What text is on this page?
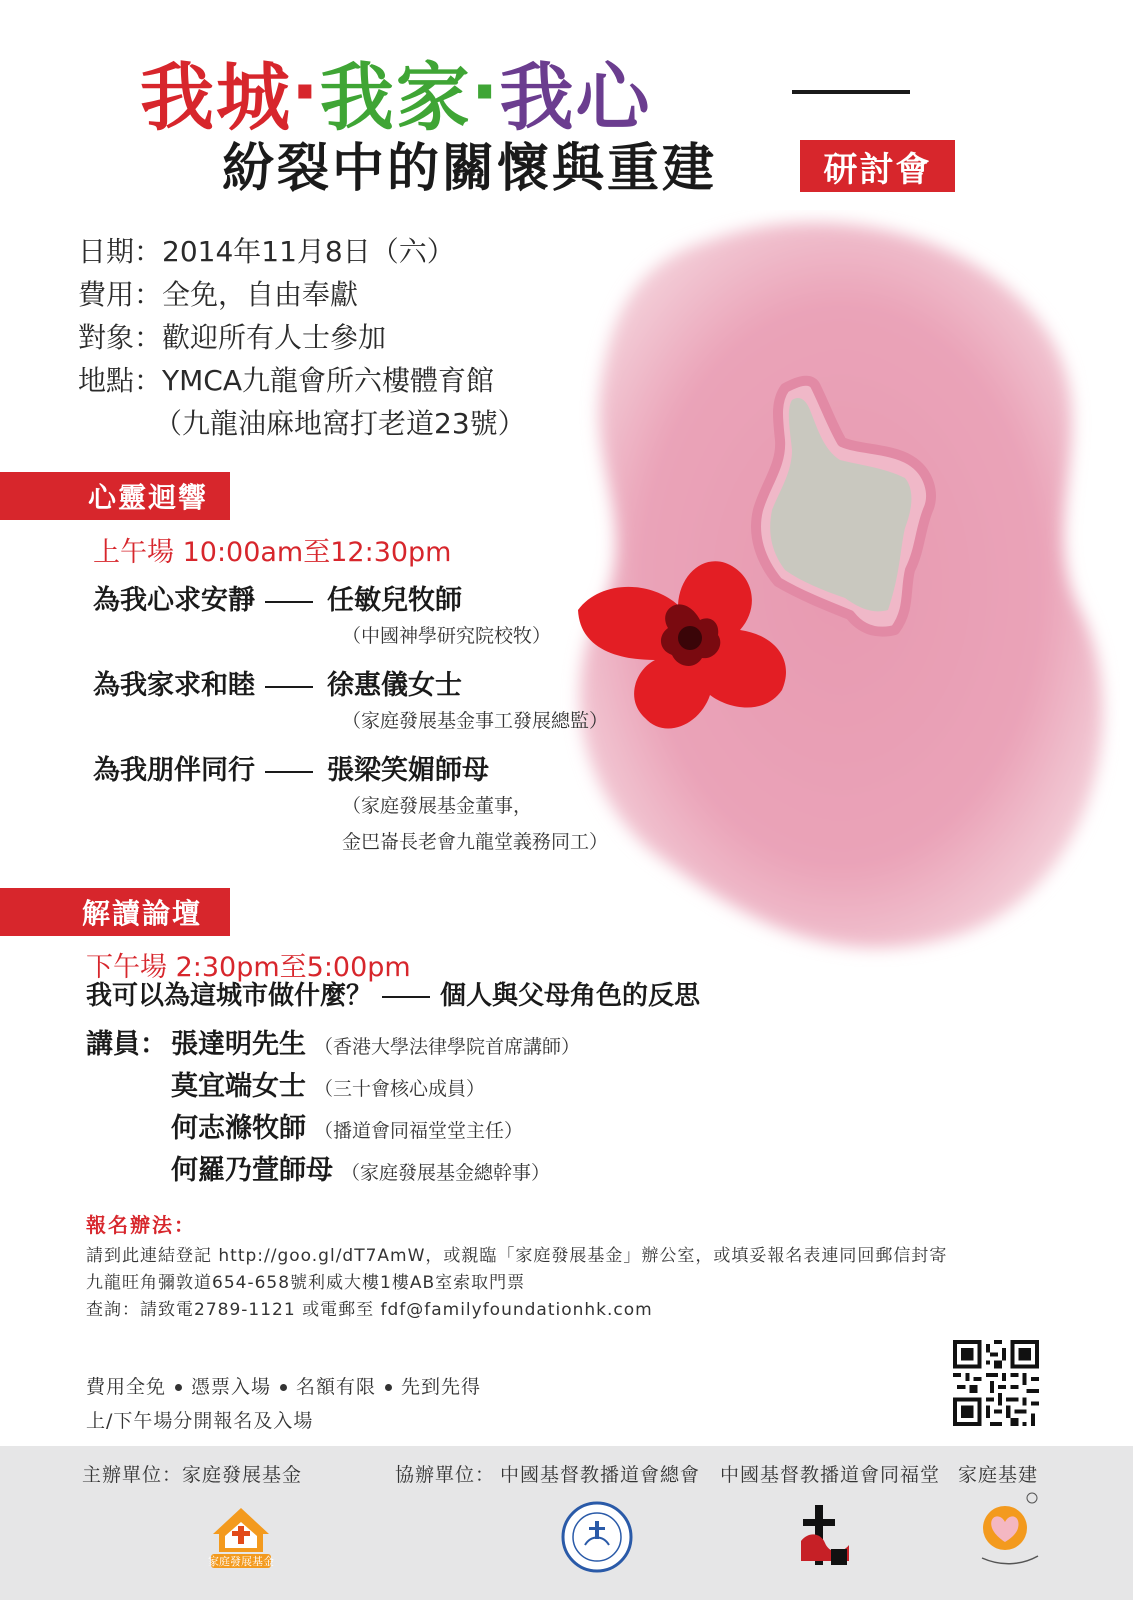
我城 ‧ 我家 ‧ 我心
紛裂中的關懷與重建	研討會
日期： 2014年11月8日（六）
費用： 全免，自由奉獻
對象： 歡迎所有人士參加
地點： YMCA九龍會所六樓體育館
（九龍油麻地窩打老道23號）
心靈迴響
上午場 10:00am至12:30pm
為我心求安靜	任敏兒牧師
（中國神學研究院校牧）
為我家求和睦	徐惠儀女士
（家庭發展基金事工發展總監）
為我朋伴同行	張梁笑媚師母
（家庭發展基金董事，
金巴崙長老會九龍堂義務同工）
解讀論壇
下午場 2:30pm至5:00pm
我可以為這城市做什麼？	個人與父母角色的反思
講員： 張達明先生 （香港大學法律學院首席講師）
莫宜端女士 （三十會核心成員）
何志滌牧師 （播道會同福堂堂主任）
何羅乃萱師母 （家庭發展基金總幹事）
報名辦法：
請到此連結登記 http://goo.gl/dT7AmW，或親臨「家庭發展基金」辦公室，或填妥報名表連同回郵信封寄
九龍旺角彌敦道654-658號利威大樓1樓AB室索取門票
查詢：請致電2789-1121 或電郵至 fdf@familyfoundationhk.com
費用全免 憑票入場 名額有限 先到先得
上/下午場分開報名及入場
主辦單位：家庭發展基金	協辦單位： 中國基督教播道會總會 中國基督教播道會同福堂 家庭基建
家庭發展基金
